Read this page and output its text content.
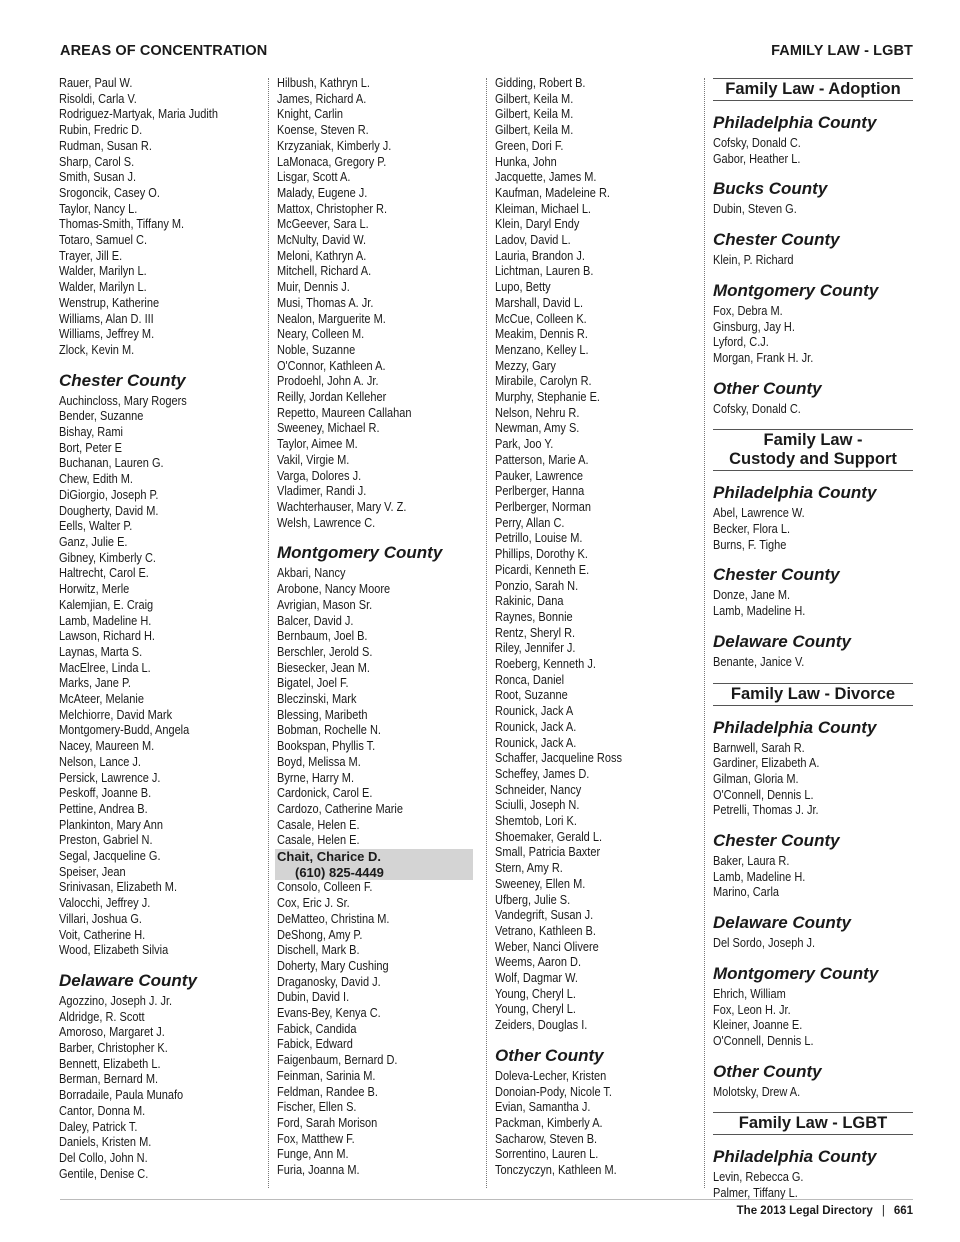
AREAS OF CONCENTRATION	FAMILY LAW - LGBT
Rauer, Paul W.
Risoldi, Carla V.
Rodriguez-Martyak, Maria Judith
Rubin, Fredric D.
Rudman, Susan R.
Sharp, Carol S.
Smith, Susan J.
Srogoncik, Casey O.
Taylor, Nancy L.
Thomas-Smith, Tiffany M.
Totaro, Samuel C.
Trayer, Jill E.
Walder, Marilyn L.
Walder, Marilyn L.
Wenstrup, Katherine
Williams, Alan D. III
Williams, Jeffrey M.
Zlock, Kevin M.
Chester County
Auchincloss, Mary Rogers
Bender, Suzanne
Bishay, Rami
Bort, Peter E
Buchanan, Lauren G.
Chew, Edith M.
DiGiorgio, Joseph P.
Dougherty, David M.
Eells, Walter P.
Ganz, Julie E.
Gibney, Kimberly C.
Haltrecht, Carol E.
Horwitz, Merle
Kalemjian, E. Craig
Lamb, Madeline H.
Lawson, Richard H.
Laynas, Marta S.
MacElree, Linda L.
Marks, Jane P.
McAteer, Melanie
Melchiorre, David Mark
Montgomery-Budd, Angela
Nacey, Maureen M.
Nelson, Lance J.
Persick, Lawrence J.
Peskoff, Joanne B.
Pettine, Andrea B.
Plankinton, Mary Ann
Preston, Gabriel N.
Segal, Jacqueline G.
Speiser, Jean
Srinivasan, Elizabeth M.
Valocchi, Jeffrey J.
Villari, Joshua G.
Voit, Catherine H.
Wood, Elizabeth Silvia
Delaware County
Agozzino, Joseph J. Jr.
Aldridge, R. Scott
Amoroso, Margaret J.
Barber, Christopher K.
Bennett, Elizabeth L.
Berman, Bernard M.
Borradaile, Paula Munafo
Cantor, Donna M.
Daley, Patrick T.
Daniels, Kristen M.
Del Collo, John N.
Gentile, Denise C.
Hilbush, Kathryn L.
James, Richard A.
Knight, Carlin
Koense, Steven R.
Krzyzaniak, Kimberly J.
LaMonaca, Gregory P.
Lisgar, Scott A.
Malady, Eugene J.
Mattox, Christopher R.
McGeever, Sara L.
McNulty, David W.
Meloni, Kathryn A.
Mitchell, Richard A.
Muir, Dennis J.
Musi, Thomas A. Jr.
Nealon, Marguerite M.
Neary, Colleen M.
Noble, Suzanne
O'Connor, Kathleen A.
Prodoehl, John A. Jr.
Reilly, Jordan Kelleher
Repetto, Maureen Callahan
Sweeney, Michael R.
Taylor, Aimee M.
Vakil, Virgie M.
Varga, Dolores J.
Vladimer, Randi J.
Wachterhauser, Mary V. Z.
Welsh, Lawrence C.
Montgomery County
Akbari, Nancy
Arobone, Nancy Moore
Avrigian, Mason Sr.
Balcer, David J.
Bernbaum, Joel B.
Berschler, Jerold S.
Biesecker, Jean M.
Bigatel, Joel F.
Bleczinski, Mark
Blessing, Maribeth
Bobman, Rochelle N.
Bookspan, Phyllis T.
Boyd, Melissa M.
Byrne, Harry M.
Cardonick, Carol E.
Cardozo, Catherine Marie
Casale, Helen E.
Casale, Helen E.
Chait, Charice D.
(610) 825-4449
Consolo, Colleen F.
Cox, Eric J. Sr.
DeMatteo, Christina M.
DeShong, Amy P.
Dischell, Mark B.
Doherty, Mary Cushing
Draganosky, David J.
Dubin, David I.
Evans-Bey, Kenya C.
Fabick, Candida
Fabick, Edward
Faigenbaum, Bernard D.
Feinman, Sarinia M.
Feldman, Randee B.
Fischer, Ellen S.
Ford, Sarah Morison
Fox, Matthew F.
Funge, Ann M.
Furia, Joanna M.
Gidding, Robert B.
Gilbert, Keila M.
Gilbert, Keila M.
Gilbert, Keila M.
Green, Dori F.
Hunka, John
Jacquette, James M.
Kaufman, Madeleine R.
Kleiman, Michael L.
Klein, Daryl Endy
Ladov, David L.
Lauria, Brandon J.
Lichtman, Lauren B.
Lupo, Betty
Marshall, David L.
McCue, Colleen K.
Meakim, Dennis R.
Menzano, Kelley L.
Mezzy, Gary
Mirabile, Carolyn R.
Murphy, Stephanie E.
Nelson, Nehru R.
Newman, Amy S.
Park, Joo Y.
Patterson, Marie A.
Pauker, Lawrence
Perlberger, Hanna
Perlberger, Norman
Perry, Allan C.
Petrillo, Louise M.
Phillips, Dorothy K.
Picardi, Kenneth E.
Ponzio, Sarah N.
Rakinic, Dana
Raynes, Bonnie
Rentz, Sheryl R.
Riley, Jennifer J.
Roeberg, Kenneth J.
Ronca, Daniel
Root, Suzanne
Rounick, Jack A
Rounick, Jack A.
Rounick, Jack A.
Schaffer, Jacqueline Ross
Scheffey, James D.
Schneider, Nancy
Sciulli, Joseph N.
Shemtob, Lori K.
Shoemaker, Gerald L.
Small, Patricia Baxter
Stern, Amy R.
Sweeney, Ellen M.
Ufberg, Julie S.
Vandegrift, Susan J.
Vetrano, Kathleen B.
Weber, Nanci Olivere
Weems, Aaron D.
Wolf, Dagmar W.
Young, Cheryl L.
Young, Cheryl L.
Zeiders, Douglas I.
Other County
Doleva-Lecher, Kristen
Donoian-Pody, Nicole T.
Evian, Samantha J.
Packman, Kimberly A.
Sacharow, Steven B.
Sorrentino, Lauren L.
Tonczyczyn, Kathleen M.
Family Law - Adoption
Philadelphia County
Cofsky, Donald C.
Gabor, Heather L.
Bucks County
Dubin, Steven G.
Chester County
Klein, P. Richard
Montgomery County
Fox, Debra M.
Ginsburg, Jay H.
Lyford, C.J.
Morgan, Frank H. Jr.
Other County
Cofsky, Donald C.
Family Law -
Custody and Support
Philadelphia County
Abel, Lawrence W.
Becker, Flora L.
Burns, F. Tighe
Chester County
Donze, Jane M.
Lamb, Madeline H.
Delaware County
Benante, Janice V.
Family Law - Divorce
Philadelphia County
Barnwell, Sarah R.
Gardiner, Elizabeth A.
Gilman, Gloria M.
O'Connell, Dennis L.
Petrelli, Thomas J. Jr.
Chester County
Baker, Laura R.
Lamb, Madeline H.
Marino, Carla
Delaware County
Del Sordo, Joseph J.
Montgomery County
Ehrich, William
Fox, Leon H. Jr.
Kleiner, Joanne E.
O'Connell, Dennis L.
Other County
Molotsky, Drew A.
Family Law - LGBT
Philadelphia County
Levin, Rebecca G.
Palmer, Tiffany L.
The 2013 Legal Directory | 661
